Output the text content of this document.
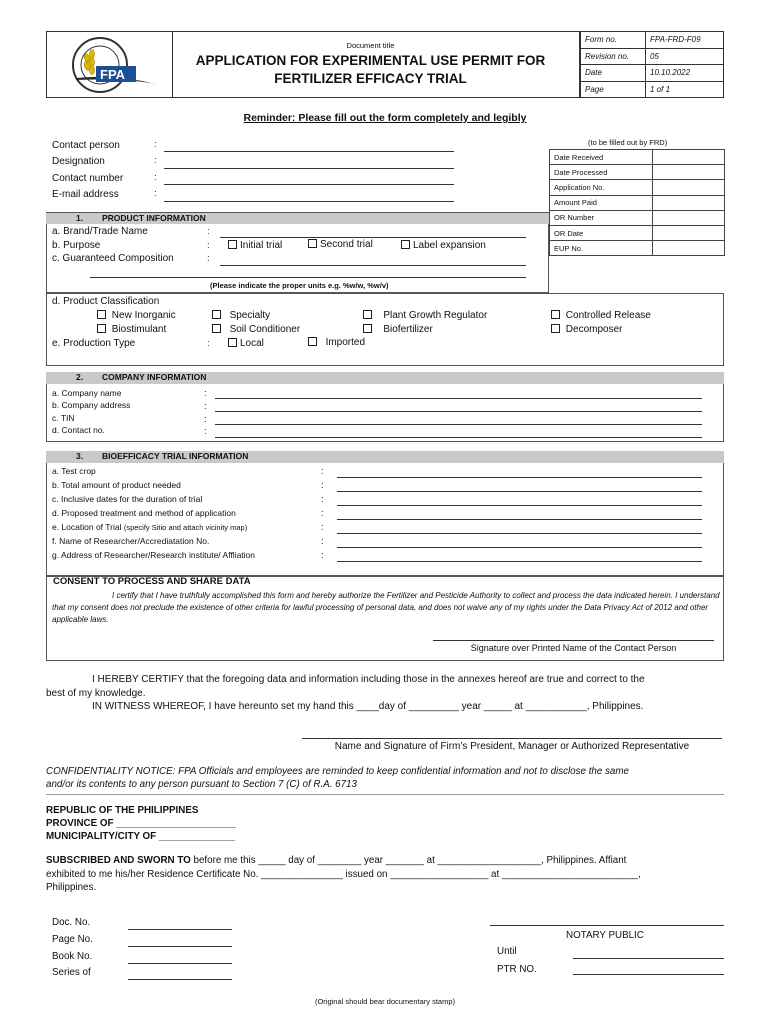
FPA
Document title
APPLICATION FOR EXPERIMENTAL USE PERMIT FOR
FERTILIZER EFFICACY TRIAL
Form no.	FPA-FRD-F09
Revision no.	05
Date	10.10.2022
Page	1 of 1
Reminder: Please fill out the form completely and legibly
Contact person	:
Designation	:
Contact number	:
E-mail address	:
(to be filled out by FRD)
Date Received	
Date Processed	
Application No.	
Amount Paid	
OR Number	
OR Date	
EUP No.	
1. PRODUCT INFORMATION
a. Brand/Trade Name	:
b. Purpose	:	Initial trial	Second trial	Label expansion
c. Guaranteed Composition	:
(Please indicate the proper units e.g. %w/w, %w/v)
d. Product Classification
New Inorganic	Specialty	Plant Growth Regulator	Controlled Release
Biostimulant	Soil Conditioner	Biofertilizer	Decomposer
e. Production Type	:	Local	Imported
2. COMPANY INFORMATION
a. Company name	:
b. Company address	:
c. TIN	:
d. Contact no.	:
3. BIOEFFICACY TRIAL INFORMATION
a. Test crop	:
b. Total amount of product needed	:
c. Inclusive dates for the duration of trial	:
d. Proposed treatment and method of application	:
e. Location of Trial (specify Sitio and attach vicinity map)	:
f. Name of Researcher/Accrediatation No.	:
g. Address of Researcher/Research institute/ Affliation	:
CONSENT TO PROCESS AND SHARE DATA
I certify that I have truthfully accomplished this form and hereby authorize the Fertilizer and Pesticide Authority to collect and process the data indicated herein. I understand that my consent does not preclude the existence of other criteria for lawful processing of personal data, and does not waive any of my rights under the Data Privacy Act of 2012 and other applicable laws.
Signature over Printed Name of the Contact Person
I HEREBY CERTIFY that the foregoing data and information including those in the annexes hereof are true and correct to the
best of my knowledge.
IN WITNESS WHEREOF, I have hereunto set my hand this ____day of _________ year _____ at ___________, Philippines.
Name and Signature of Firm’s President, Manager or Authorized Representative
CONFIDENTIALITY NOTICE: FPA Officials and employees are reminded to keep confidential information and not to disclose the same
and/or its contents to any person pursuant to Section 7 (C) of R.A. 6713
REPUBLIC OF THE PHILIPPINES
PROVINCE OF ______________________
MUNICIPALITY/CITY OF ______________
SUBSCRIBED AND SWORN TO before me this _____ day of ________ year _______ at ___________________, Philippines. Affiant
exhibited to me his/her Residence Certificate No. _______________ issued on __________________ at _________________________,
Philippines.
Doc. No.
Page No.
Book No.
Series of
NOTARY PUBLIC
Until
PTR NO.
(Original should bear documentary stamp)
